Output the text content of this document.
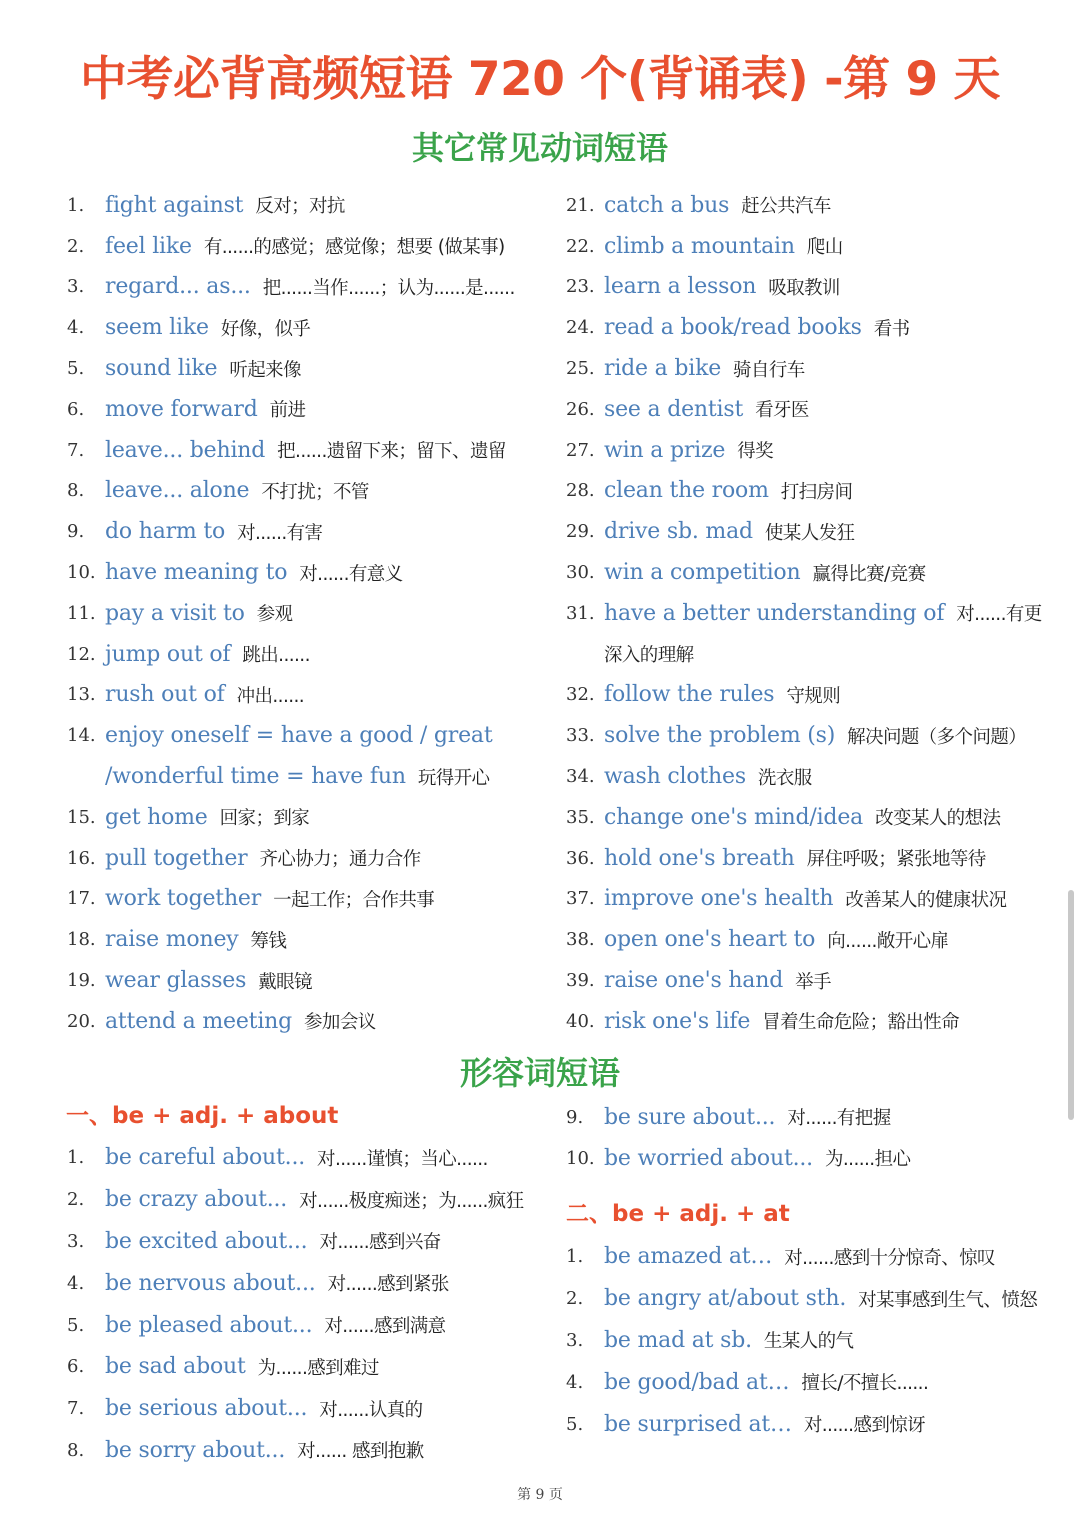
中考必背高频短语 720 个(背诵表) -第 9 天
其它常见动词短语
1. fight against 反对；对抗
2. feel like 有......的感觉；感觉像；想要 (做某事)
3. regard... as... 把......当作......；认为......是......
4. seem like 好像，似乎
5. sound like 听起来像
6. move forward 前进
7. leave... behind 把......遗留下来；留下、遗留
8. leave... alone 不打扰；不管
9. do harm to 对......有害
10. have meaning to 对......有意义
11. pay a visit to 参观
12. jump out of 跳出......
13. rush out of 冲出......
14. enjoy oneself = have a good / great
/wonderful time = have fun 玩得开心
15. get home 回家；到家
16. pull together 齐心协力；通力合作
17. work together 一起工作；合作共事
18. raise money 筹钱
19. wear glasses 戴眼镜
20. attend a meeting 参加会议
21. catch a bus 赶公共汽车
22. climb a mountain 爬山
23. learn a lesson 吸取教训
24. read a book/read books 看书
25. ride a bike 骑自行车
26. see a dentist 看牙医
27. win a prize 得奖
28. clean the room 打扫房间
29. drive sb. mad 使某人发狂
30. win a competition 赢得比赛/竞赛
31. have a better understanding of 对......有更
深入的理解
32. follow the rules 守规则
33. solve the problem (s) 解决问题（多个问题）
34. wash clothes 洗衣服
35. change one's mind/idea 改变某人的想法
36. hold one's breath 屏住呼吸；紧张地等待
37. improve one's health 改善某人的健康状况
38. open one's heart to 向......敞开心扉
39. raise one's hand 举手
40. risk one's life 冒着生命危险；豁出性命
形容词短语
一、be + adj. + about
1. be careful about... 对......谨慎；当心......
2. be crazy about... 对......极度痴迷；为......疯狂
3. be excited about... 对......感到兴奋
4. be nervous about... 对......感到紧张
5. be pleased about... 对......感到满意
6. be sad about 为......感到难过
7. be serious about... 对......认真的
8. be sorry about... 对...... 感到抱歉
9. be sure about... 对......有把握
10. be worried about... 为......担心
二、be + adj. + at
1. be amazed at… 对......感到十分惊奇、惊叹
2. be angry at/about sth. 对某事感到生气、愤怒
3. be mad at sb. 生某人的气
4. be good/bad at… 擅长/不擅长......
5. be surprised at… 对......感到惊讶
第 9 页
